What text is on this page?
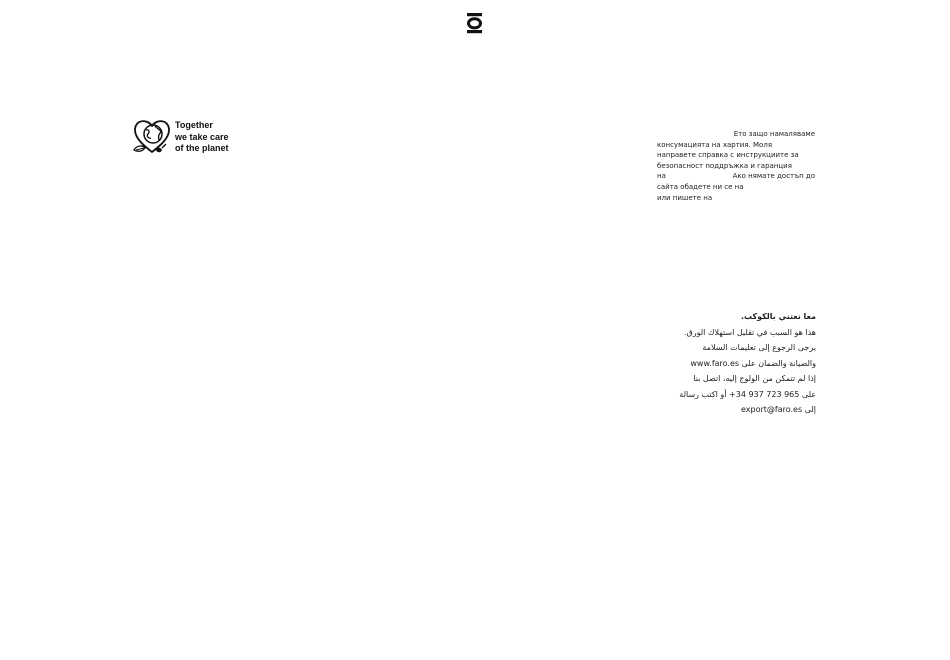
Together
we take care
of the planet
Ето защо намаляваме
консумацията на хартия. Моля
направете справка с инструкциите за
безопасност поддръжка и гаранция
на	Ако нямате достъп до
сайта обадете ни се на
или пишете на
معا نعتني بالكوكب.
هذا هو السبب في تقليل استهلاك الورق.
يرجى الرجوع إلى تعليمات السلامة
والصيانة والضمان على www.faro.es
إذا لم تتمكن من الولوج إليه، اتصل بنا
على +34 937 723 965 أو اكتب رسالة
إلى export@faro.es
